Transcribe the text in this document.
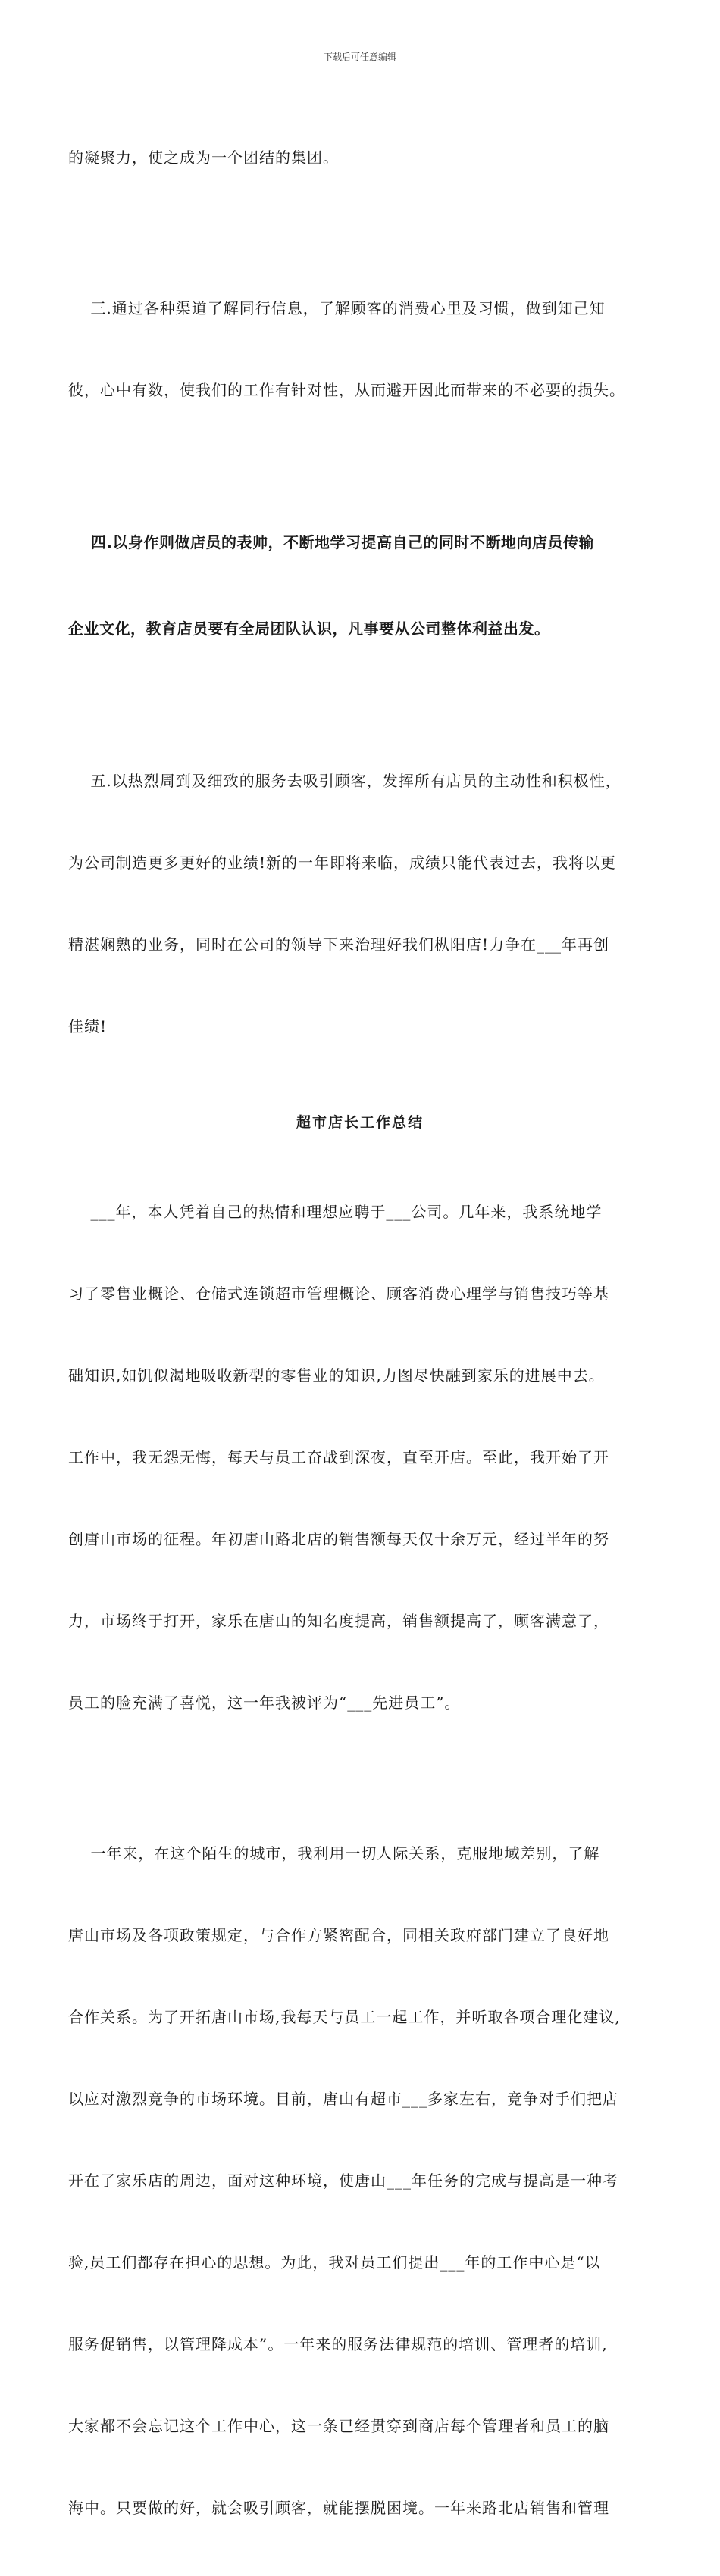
下载后可任意编辑

的凝聚力，使之成为一个团结的集团。

三.通过各种渠道了解同行信息，了解顾客的消费心里及习惯，做到知己知

彼，心中有数，使我们的工作有针对性，从而避开因此而带来的不必要的损失。

四.以身作则做店员的表帅，不断地学习提高自己的同时不断地向店员传输

企业文化，教育店员要有全局团队认识，凡事要从公司整体利益出发。

五.以热烈周到及细致的服务去吸引顾客，发挥所有店员的主动性和积极性，

为公司制造更多更好的业绩!新的一年即将来临，成绩只能代表过去，我将以更

精湛娴熟的业务，同时在公司的领导下来治理好我们枞阳店!力争在___年再创

佳绩!

超市店长工作总结

___年，本人凭着自己的热情和理想应聘于___公司。几年来，我系统地学

习了零售业概论、仓储式连锁超市管理概论、顾客消费心理学与销售技巧等基

础知识,如饥似渴地吸收新型的零售业的知识,力图尽快融到家乐的进展中去。

工作中，我无怨无悔，每天与员工奋战到深夜，直至开店。至此，我开始了开

创唐山市场的征程。年初唐山路北店的销售额每天仅十余万元，经过半年的努

力，市场终于打开，家乐在唐山的知名度提高，销售额提高了，顾客满意了，

员工的脸充满了喜悦，这一年我被评为“___先进员工”。

一年来，在这个陌生的城市，我利用一切人际关系，克服地域差别，了解

唐山市场及各项政策规定，与合作方紧密配合，同相关政府部门建立了良好地

合作关系。为了开拓唐山市场,我每天与员工一起工作，并听取各项合理化建议,

以应对激烈竞争的市场环境。目前，唐山有超市___多家左右，竞争对手们把店

开在了家乐店的周边，面对这种环境，使唐山___年任务的完成与提高是一种考

验,员工们都存在担心的思想。为此，我对员工们提出___年的工作中心是“以

服务促销售，以管理降成本”。一年来的服务法律规范的培训、管理者的培训,

大家都不会忘记这个工作中心，这一条已经贯穿到商店每个管理者和员工的脑

海中。只要做的好，就会吸引顾客，就能摆脱困境。一年来路北店销售和管理
